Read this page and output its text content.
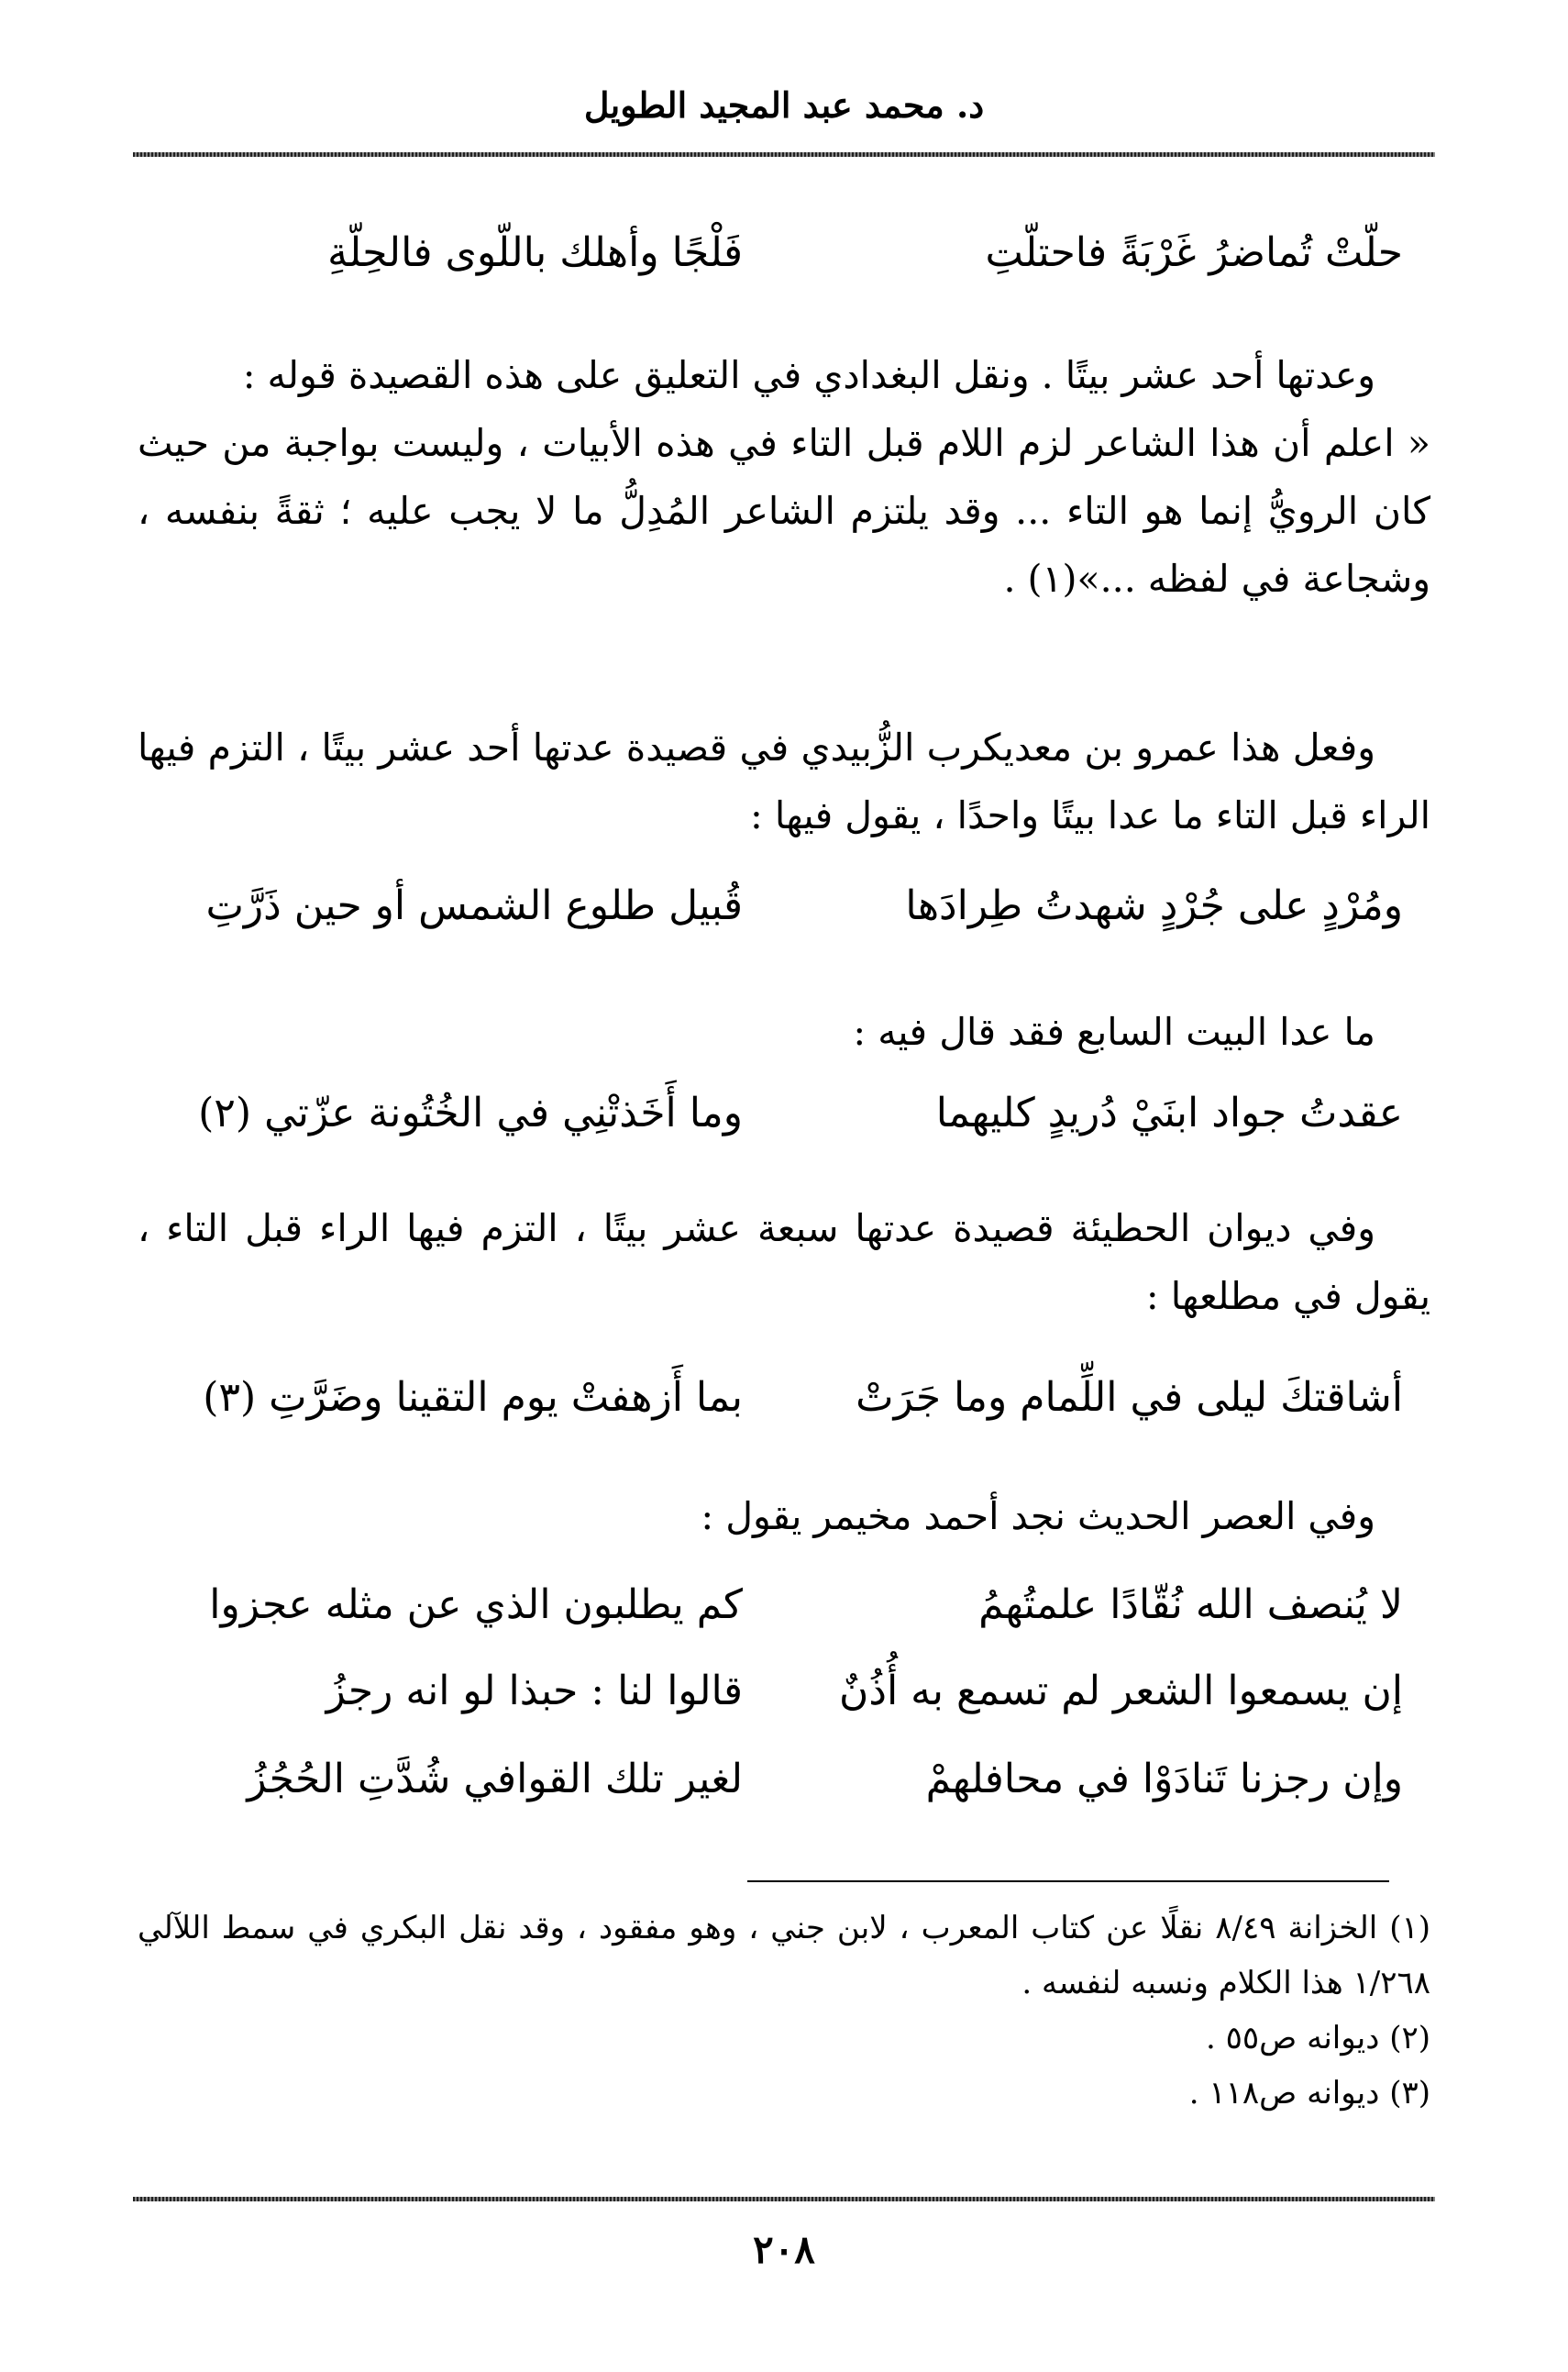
د. محمد عبد المجيد الطويل
حلّتْ تُماضرُ غَرْبَةً فاحتلّتِ
فَلْجًا وأهلك باللّوى فالحِلّةِ
وعدتها أحد عشر بيتًا . ونقل البغدادي في التعليق على هذه القصيدة قوله :
« اعلم أن هذا الشاعر لزم اللام قبل التاء في هذه الأبيات ، وليست بواجبة من حيث كان الرويُّ إنما هو التاء ... وقد يلتزم الشاعر المُدِلُّ ما لا يجب عليه ؛ ثقةً بنفسه ، وشجاعة في لفظه ...»(١) .
وفعل هذا عمرو بن معديكرب الزُّبيدي في قصيدة عدتها أحد عشر بيتًا ، التزم فيها الراء قبل التاء ما عدا بيتًا واحدًا ، يقول فيها :
ومُرْدٍ على جُرْدٍ شهدتُ طِرادَها
قُبيل طلوع الشمس أو حين ذَرَّتِ
ما عدا البيت السابع فقد قال فيه :
عقدتُ جواد ابنَيْ دُريدٍ كليهما
وما أَخَذتْنِي في الخُتُونة عزّتي (٢)
وفي ديوان الحطيئة قصيدة عدتها سبعة عشر بيتًا ، التزم فيها الراء قبل التاء ، يقول في مطلعها :
أشاقتكَ ليلى في اللِّمام وما جَرَتْ
بما أَزهفتْ يوم التقينا وضَرَّتِ (٣)
وفي العصر الحديث نجد أحمد مخيمر يقول :
لا يُنصف الله نُقّادًا علمتُهمُ
كم يطلبون الذي عن مثله عجزوا
إن يسمعوا الشعر لم تسمع به أُذُنٌ
قالوا لنا : حبذا لو انه رجزُ
وإن رجزنا تَنادَوْا في محافلهمْ
لغير تلك القوافي شُدَّتِ الحُجُزُ

(١) الخزانة ٨/٤٩ نقلًا عن كتاب المعرب ، لابن جني ، وهو مفقود ، وقد نقل البكري في سمط اللآلي ١/٢٦٨ هذا الكلام ونسبه لنفسه .

(٢) ديوانه ص٥٥ .

(٣) ديوانه ص١١٨ .

٢٠٨
